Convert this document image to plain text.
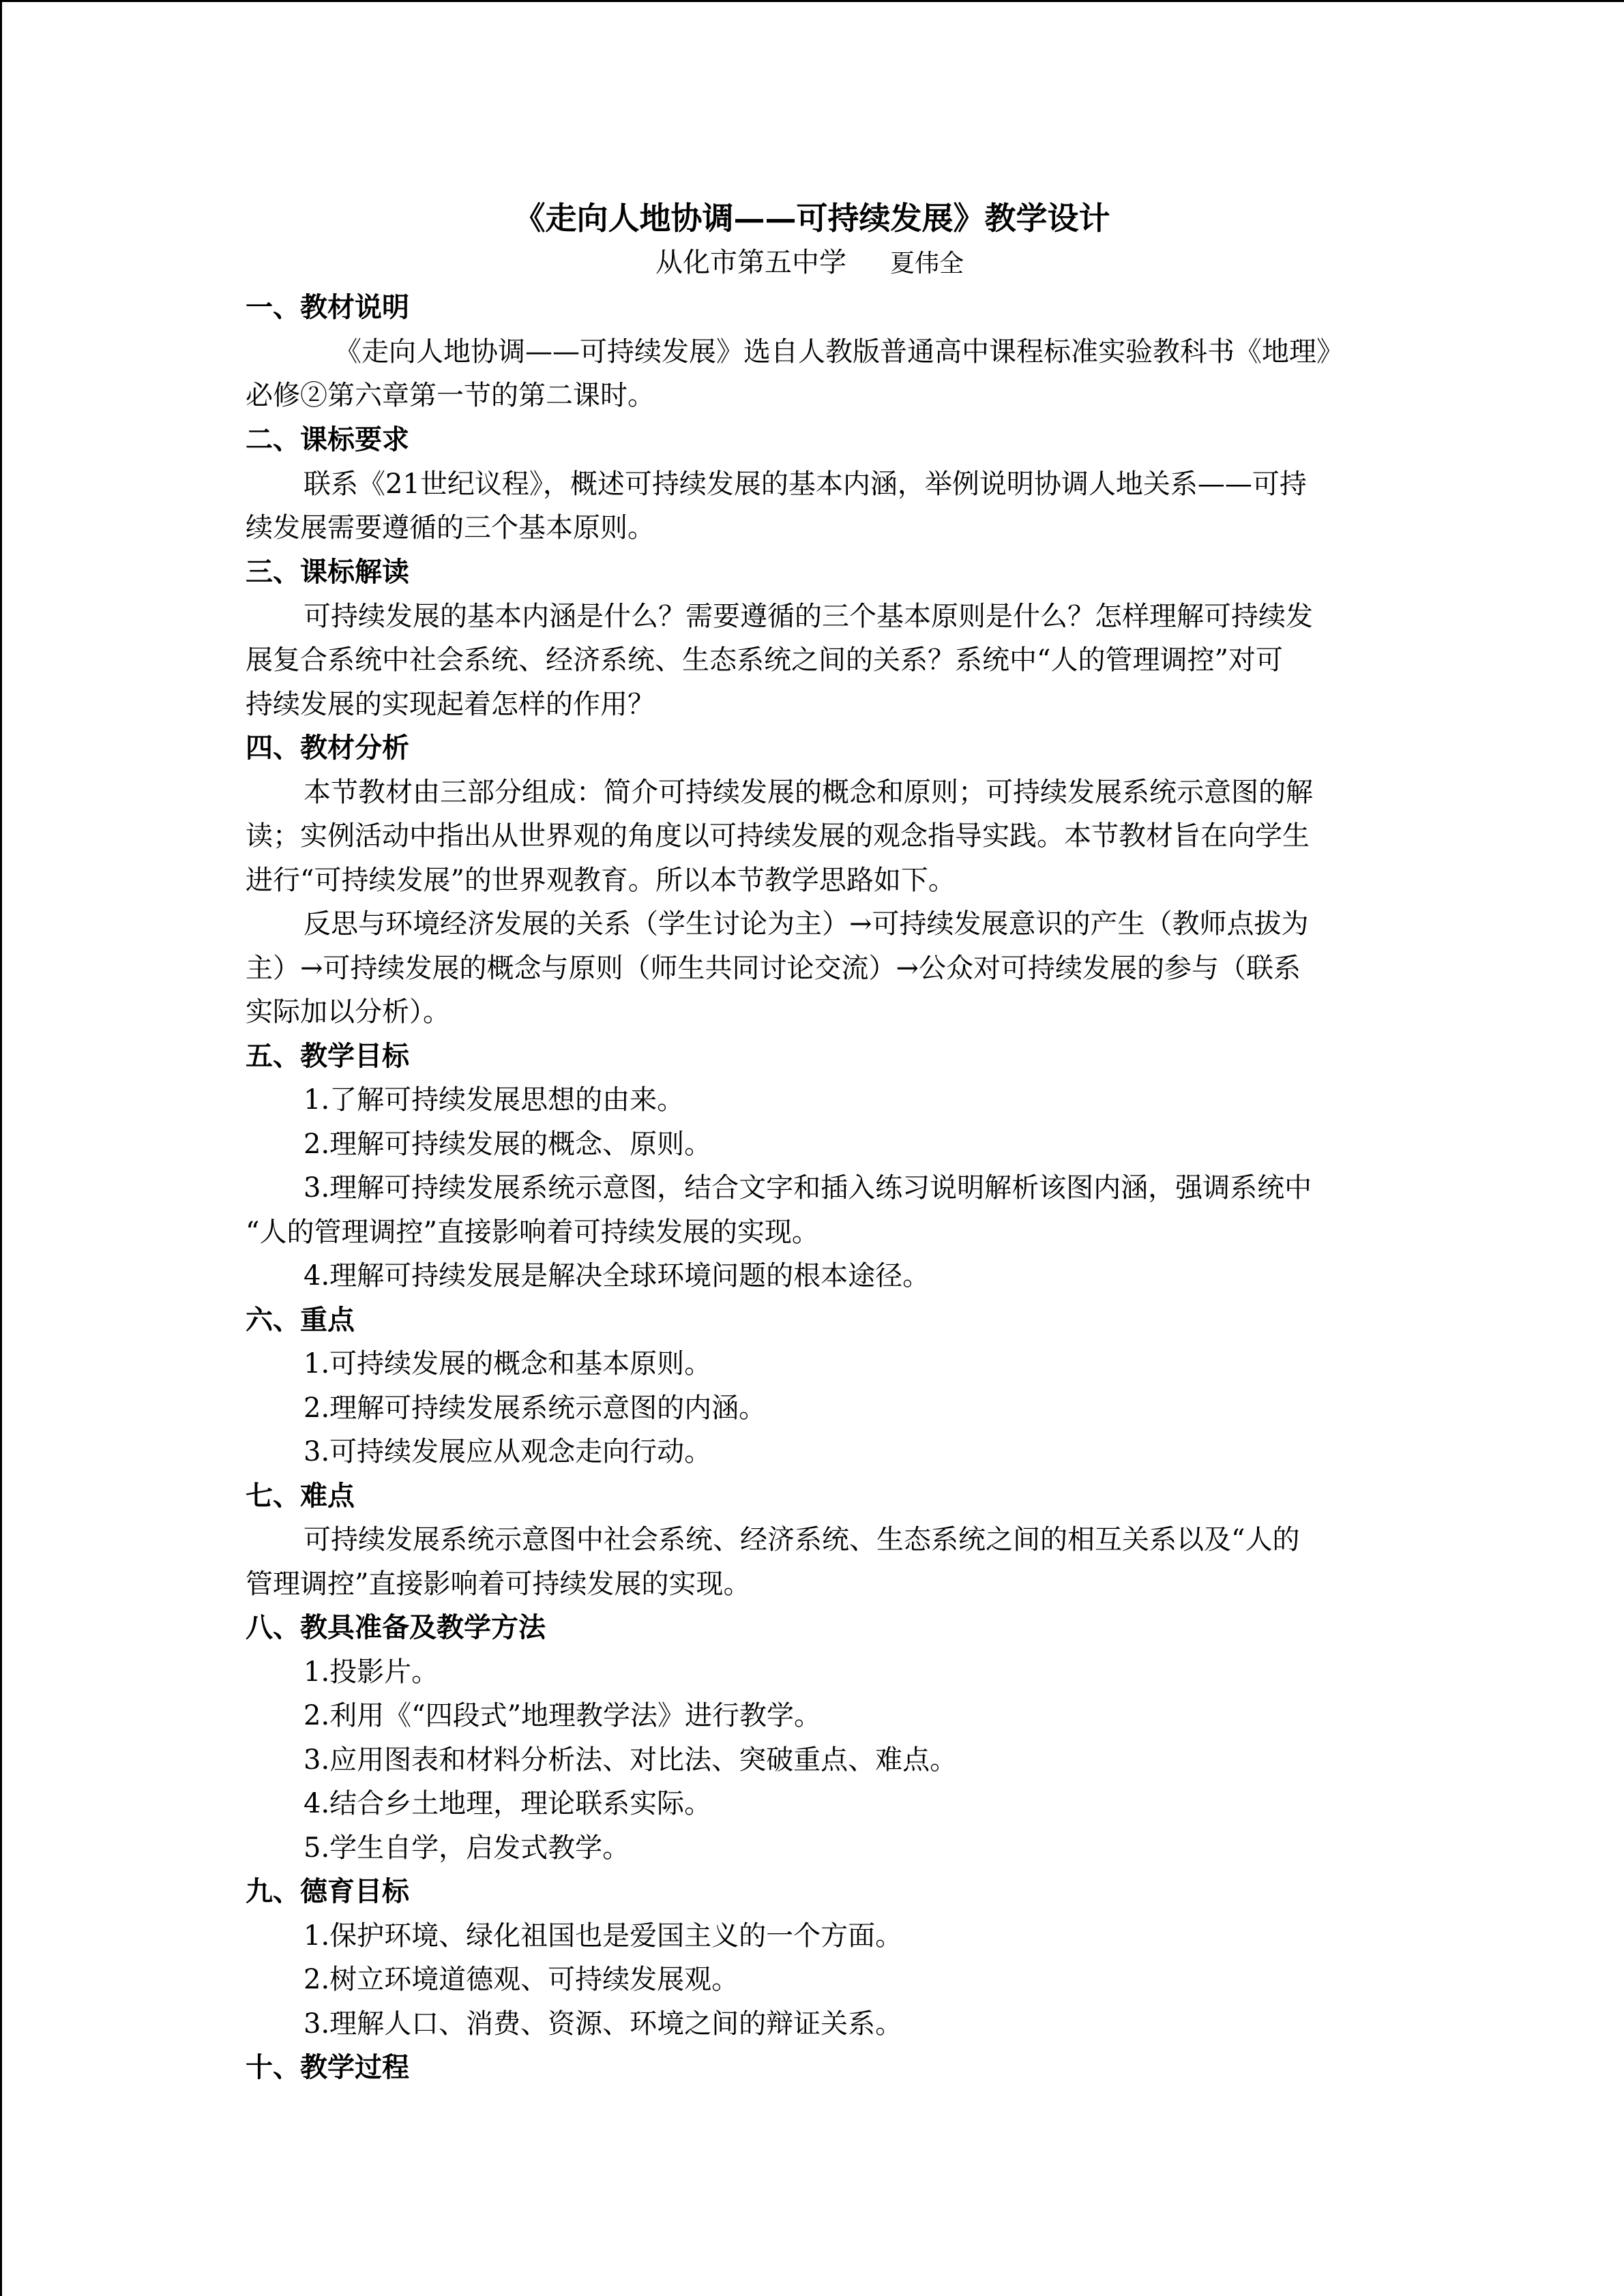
《走向人地协调——可持续发展》教学设计
从化市第五中学 夏伟全
一、教材说明
《走向人地协调——可持续发展》选自人教版普通高中课程标准实验教科书《地理》
必修②第六章第一节的第二课时。
二、课标要求
联系《21世纪议程》，概述可持续发展的基本内涵，举例说明协调人地关系——可持
续发展需要遵循的三个基本原则。
三、课标解读
可持续发展的基本内涵是什么？需要遵循的三个基本原则是什么？怎样理解可持续发
展复合系统中社会系统、经济系统、生态系统之间的关系？系统中“人的管理调控”对可
持续发展的实现起着怎样的作用？
四、教材分析
本节教材由三部分组成：简介可持续发展的概念和原则；可持续发展系统示意图的解
读；实例活动中指出从世界观的角度以可持续发展的观念指导实践。本节教材旨在向学生
进行“可持续发展”的世界观教育。所以本节教学思路如下。
反思与环境经济发展的关系（学生讨论为主）→可持续发展意识的产生（教师点拔为
主）→可持续发展的概念与原则（师生共同讨论交流）→公众对可持续发展的参与（联系
实际加以分析）。
五、教学目标
1.了解可持续发展思想的由来。
2.理解可持续发展的概念、原则。
3.理解可持续发展系统示意图，结合文字和插入练习说明解析该图内涵，强调系统中
“人的管理调控”直接影响着可持续发展的实现。
4.理解可持续发展是解决全球环境问题的根本途径。
六、重点
1.可持续发展的概念和基本原则。
2.理解可持续发展系统示意图的内涵。
3.可持续发展应从观念走向行动。
七、难点
可持续发展系统示意图中社会系统、经济系统、生态系统之间的相互关系以及“人的
管理调控”直接影响着可持续发展的实现。
八、教具准备及教学方法
1.投影片。
2.利用《“四段式”地理教学法》进行教学。
3.应用图表和材料分析法、对比法、突破重点、难点。
4.结合乡土地理，理论联系实际。
5.学生自学，启发式教学。
九、德育目标
1.保护环境、绿化祖国也是爱国主义的一个方面。
2.树立环境道德观、可持续发展观。
3.理解人口、消费、资源、环境之间的辩证关系。
十、教学过程
